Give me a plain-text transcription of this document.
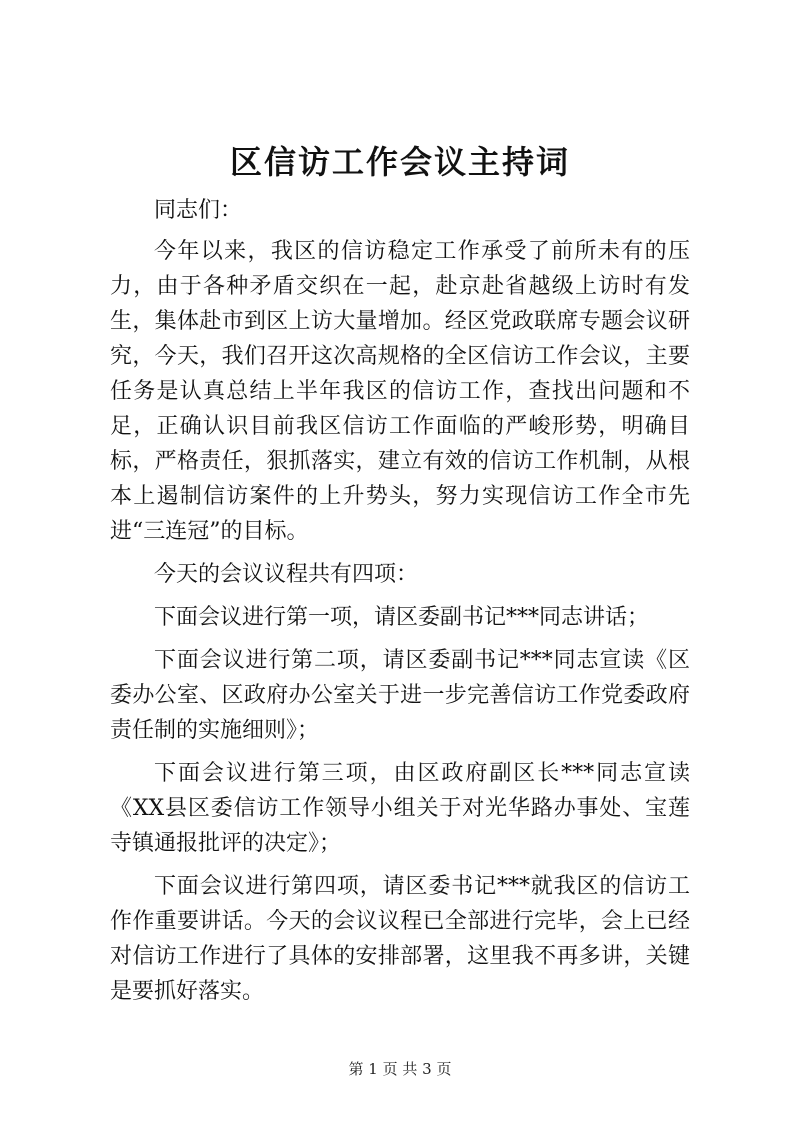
区信访工作会议主持词

同志们：

今年以来，我区的信访稳定工作承受了前所未有的压力，由于各种矛盾交织在一起，赴京赴省越级上访时有发生，集体赴市到区上访大量增加。经区党政联席专题会议研究，今天，我们召开这次高规格的全区信访工作会议，主要任务是认真总结上半年我区的信访工作，查找出问题和不足，正确认识目前我区信访工作面临的严峻形势，明确目标，严格责任，狠抓落实，建立有效的信访工作机制，从根本上遏制信访案件的上升势头，努力实现信访工作全市先进“三连冠”的目标。

今天的会议议程共有四项：

下面会议进行第一项，请区委副书记***同志讲话；

下面会议进行第二项，请区委副书记***同志宣读《区委办公室、区政府办公室关于进一步完善信访工作党委政府责任制的实施细则》；

下面会议进行第三项，由区政府副区长***同志宣读《XX县区委信访工作领导小组关于对光华路办事处、宝莲寺镇通报批评的决定》；

下面会议进行第四项，请区委书记***就我区的信访工作作重要讲话。今天的会议议程已全部进行完毕，会上已经对信访工作进行了具体的安排部署，这里我不再多讲，关键是要抓好落实。

第 1 页 共 3 页
